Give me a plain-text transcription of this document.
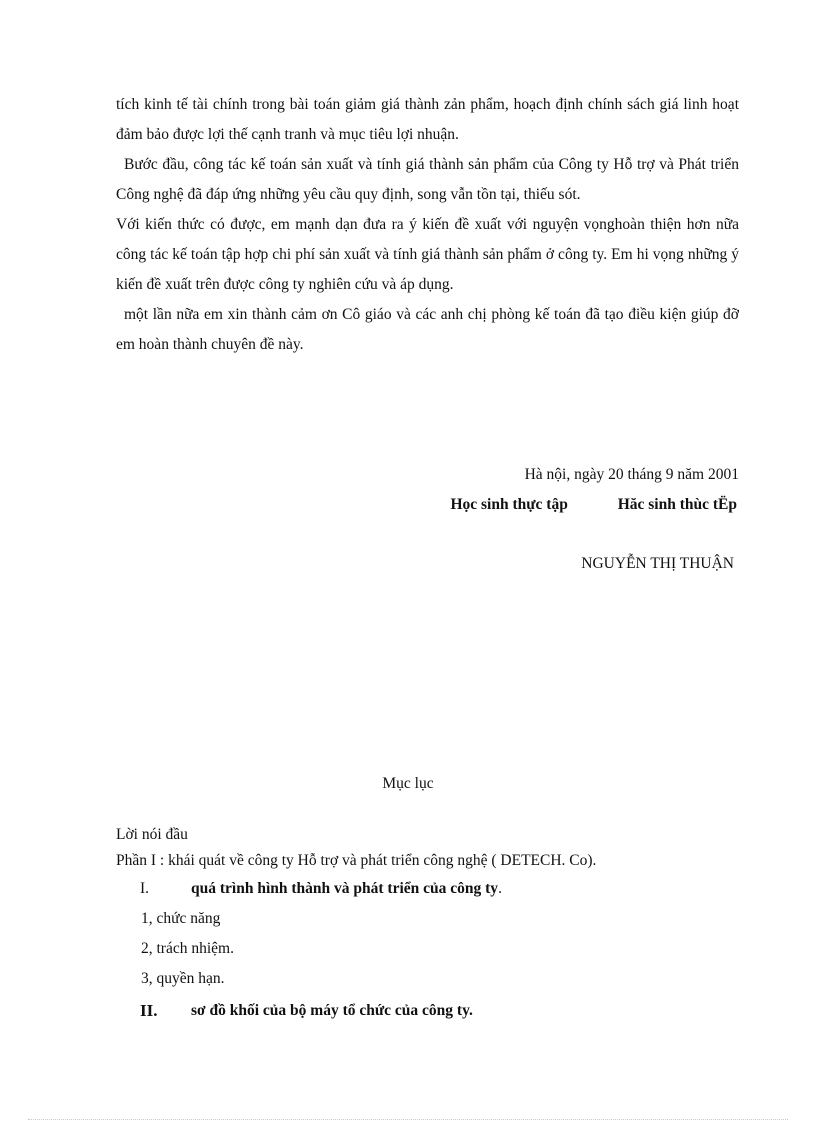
tích kinh tế tài chính trong bài toán giảm giá thành zản phẩm, hoạch định chính sách giá linh hoạt đảm bảo được lợi thế cạnh tranh và mục tiêu lợi nhuận.

Bước đầu, công tác kế toán sản xuất và tính giá thành sản phẩm của Công ty Hỗ trợ và Phát triển Công nghệ đã đáp ứng những yêu cầu quy định, song vẫn tồn tại, thiếu sót.

Với kiến thức có được, em mạnh dạn đưa ra ý kiến đề xuất với nguyện vọnghoàn thiện hơn nữa công tác kế toán tập hợp chi phí sản xuất và tính giá thành sản phẩm ở công ty. Em hi vọng những ý kiến đề xuất trên được công ty nghiên cứu và áp dụng.

một lần nữa em xin thành cảm ơn Cô giáo và các anh chị phòng kế toán đã tạo điều kiện giúp đỡ em hoàn thành chuyên đề này.

Hà nội, ngày 20 tháng 9 năm 2001
Học sinh thực tập	Hăc sinh thùc tËp
NGUYỄN THỊ THUẬN
Mục lục
Lời nói đầu
Phần I : khái quát về công ty Hỗ trợ và phát triển công nghệ ( DETECH. Co).
I.	quá trình hình thành và phát triển của công ty.
1, chức năng
2, trách nhiệm.
3, quyền hạn.
II. sơ đồ khối của bộ máy tổ chức của công ty.
